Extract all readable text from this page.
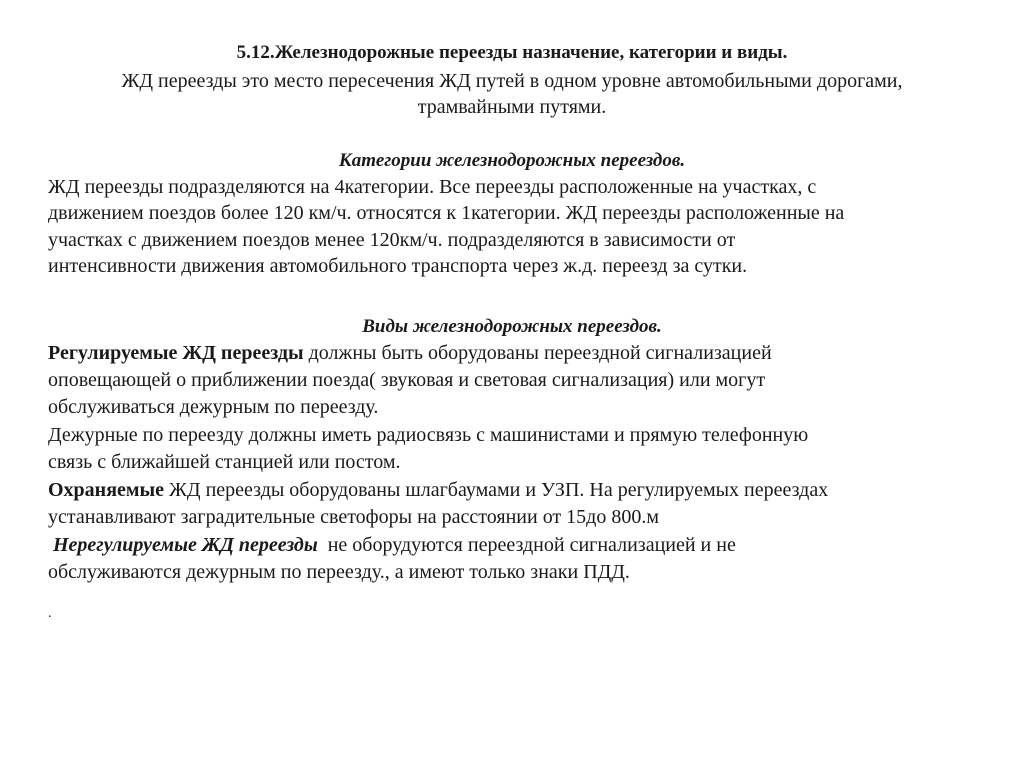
5.12.Железнодорожные переезды назначение, категории и виды.
ЖД переезды это место пересечения ЖД путей в одном уровне автомобильными дорогами,
трамвайными путями.
Категории железнодорожных переездов.
ЖД переезды подразделяются на 4категории. Все переезды расположенные на участках, с
движением поездов более 120 км/ч. относятся к 1категории. ЖД переезды расположенные на
участках с движением поездов менее 120км/ч. подразделяются в зависимости от
интенсивности движения автомобильного транспорта через ж.д. переезд за сутки.
Виды железнодорожных переездов.
Регулируемые ЖД переезды должны быть оборудованы переездной сигнализацией
оповещающей о приближении поезда( звуковая и световая сигнализация) или могут
обслуживаться дежурным по переезду.
Дежурные по переезду должны иметь радиосвязь с машинистами и прямую телефонную
связь с ближайшей станцией или постом.
Охраняемые ЖД переезды оборудованы шлагбаумами и УЗП. На регулируемых переездах
устанавливают заградительные светофоры на расстоянии от 15до 800.м
Нерегулируемые ЖД переезды  не оборудуются переездной сигнализацией и не
обслуживаются дежурным по переезду., а имеют только знаки ПДД.
.
